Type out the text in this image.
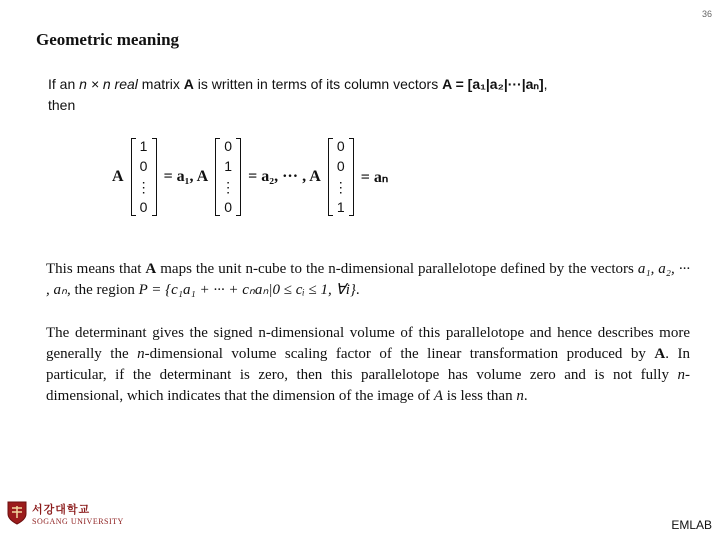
36
Geometric meaning
If an n × n real matrix A is written in terms of its column vectors A = [a₁|a₂|···|aₙ],
then
A
1
0
⋮
0
= a₁, A
0
1
⋮
0
= a₂, ··· , A
0
0
⋮
1
= aₙ
This means that A maps the unit n-cube to the n-dimensional parallelotope defined by the vectors a₁, a₂, ··· , aₙ, the region P = {c₁a₁ + ··· + cₙaₙ|0 ≤ cᵢ ≤ 1, ∀i}.
The determinant gives the signed n-dimensional volume of this parallelotope and hence describes more generally the n-dimensional volume scaling factor of the linear transformation produced by A. In particular, if the determinant is zero, then this parallelotope has volume zero and is not fully n-dimensional, which indicates that the dimension of the image of A is less than n.
서강대학교
SOGANG UNIVERSITY	EMLAB
